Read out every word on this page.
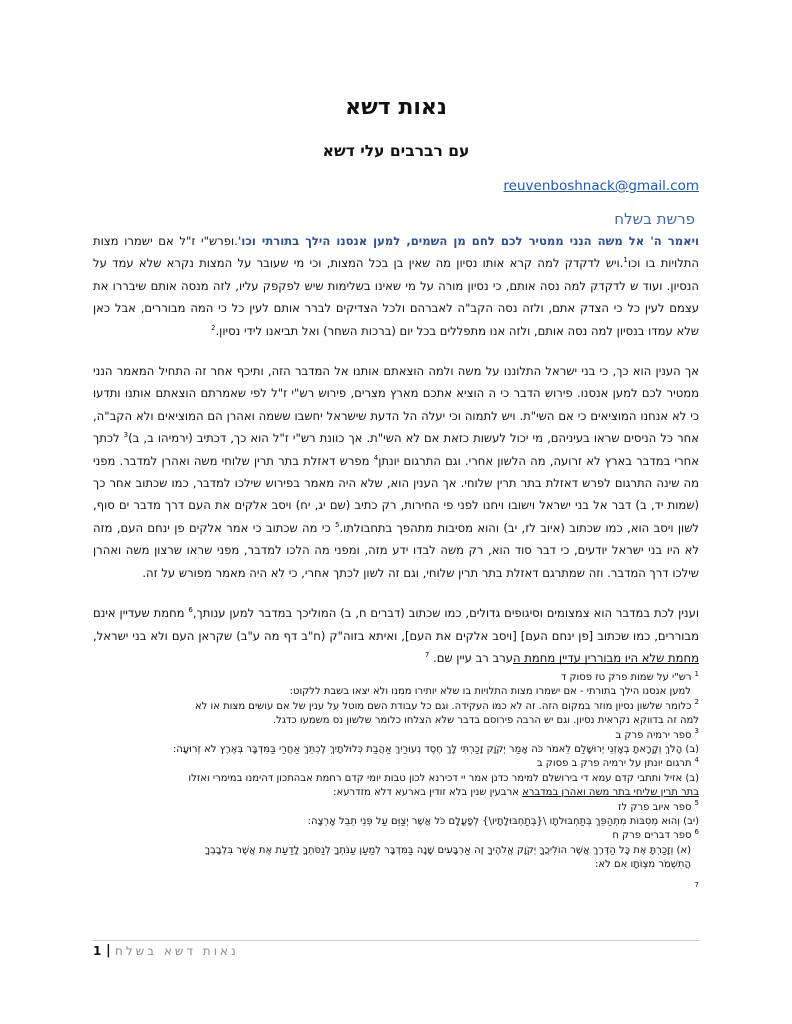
נאות דשא
עם רברבים עלי דשא
reuvenboshnack@gmail.com
פרשת בשלח

ויאמר ה' אל משה הנני ממטיר לכם לחם מן השמים, למען אנסנו הילך בתורתי וכו'.ופרש"י ז"ל אם ישמרו מצות התלויות בו וכו$^1$.ויש לדקדק למה קרא אותו נסיון מה שאין בן בכל המצות, וכי מי שעובר על המצות נקרא שלא עמד על הנסיון. ועוד ש לדקדק למה נסה אותם, כי נסיון מורה על מי שאינו בשלימות שיש לפקפק עליו, לזה מנסה אותם שיבררו את עצמם לעין כל כי הצדק אתם, ולזה נסה הקב"ה לאברהם ולכל הצדיקים לברר אותם לעין כל כי המה מבוררים, אבל כאן שלא עמדו בנסיון למה נסה אותם, ולזה אנו מתפללים בכל יום (ברכות השחר) ואל תביאנו לידי נסיון.$^2$

אך הענין הוא כך, כי בני ישראל התלוננו על משה ולמה הוצאתם אותנו אל המדבר הזה, ותיכף אחר זה התחיל המאמר הנני ממטיר לכם למען אנסנו. פירוש הדבר כי ה הוציא אתכם מארץ מצרים, פירוש רש"י ז"ל לפי שאמרתם הוצאתם אותנו ותדעו כי לא אנחנו המוציאים כי אם השי"ת. ויש לתמוה וכי יעלה הל הדעת שישראל יחשבו ששמה ואהרן הם המוציאים ולא הקב"ה, אחר כל הניסים שראו בעיניהם, מי יכול לעשות כזאת אם לא השי"ת. אך כוונת רש"י ז"ל הוא כך, דכתיב (ירמיהו ב, ב)$^3$ לכתך אחרי במדבר בארץ לא זרועה, מה הלשון אחרי. וגם התרגום יונתן$^4$ מפרש דאזלת בתר תרין שלוחי משה ואהרן למדבר. מפני מה שינה התרגום לפרש דאזלת בתר תרין שלוחי. אך הענין הוא, שלא היה מאמר בפירוש שילכו למדבר, כמו שכתוב אחר כך (שמות יד, ב) דבר אל בני ישראל וישובו ויחנו לפני פי החירות, רק כתיב (שם יג, יח) ויסב אלקים את העם דרך מדבר ים סוף, לשון ויסב הוא, כמו שכתוב (איוב לז, יב) והוא מסיבות מתהפך בתחבולתו.$^5$ כי מה שכתוב כי אמר אלקים פן ינחם העם, מזה לא היו בני ישראל יודעים, כי דבר סוד הוא, רק משה לבדו ידע מזה, ומפני מה הלכו למדבר, מפני שראו שרצון משה ואהרן שילכו דרך המדבר. וזה שמתרגם דאזלת בתר תרין שלוחי, וגם זה לשון לכתך אחרי, כי לא היה מאמר מפורש על זה.

וענין לכת במדבר הוא צמצומים וסיגופים גדולים, כמו שכתוב (דברים ח, ב) המוליכך במדבר למען ענותך,$^6$ מחמת שעדיין אינם מבוררים, כמו שכתוב [פן ינחם העם] [ויסב אלקים את העם], ואיתא בזוה"ק (ח"ב דף מה ע"ב) שקראן העם ולא בני ישראל, מחמת שלא היו מבוררין עדיין מחמת הערב רב עיין שם. $^7$

$^1$רש"י על שמות פרק טז פסוק ד

למען אנסנו הילך בתורתי - אם ישמרו מצות התלויות בו שלא יותירו ממנו ולא יצאו בשבת ללקוט:

$^2$כלומר שלשון נסיון מוזר במקום הזה. זה לא כמו העקידה. וגם כל עבודת השם מוטל על ענין של אם עושים מצות או לא

למה זה בדווקא נקראית נסיון. וגם יש הרבה פירוסם בדבר שלא הצלחו כלומר שלשון נס משמעו כדגל.

$^3$ספר ירמיה פרק ב

(ב) הָלֹךְ וְקָרָאתָ בְאָזְנֵי יְרוּשָׁלִַם לֵאמֹר כֹּה אָמַר יְקֹוָק זָכַרְתִּי לָךְ חֶסֶד נְעוּרַיִךְ אַהֲבַת כְּלוּלֹתָיִךְ לֶכְתֵּךְ אַחֲרַי בַּמִּדְבָּר בְּאֶרֶץ לֹא זְרוּעָה:

$^4$תרגום יונתן על ירמיה פרק ב פסוק ב

(ב) אזיל ותתבי קדם עמא די בירושלם למימר כדנן אמר יי דכירנא לכון טבות יומי קדם רחמת אבהתכון דהימנו במימרי ואזלו

בתר תרין שליחי בתר משה ואהרן במדברא ארבעין שנין בלא זודין בארעא דלא מזדרעא:

$^5$ספר איוב פרק לז

(יב) וְהוּא מְסִבּוֹת מִתְהַפֵּךְ בְּתַחְבּוּלֹתָו \{בְּתַחְבּוּלָתָיו\} לְפָעֳלָם כֹּל אֲשֶׁר יְצַוֵּם עַל פְּנֵי תֵבֵל אָרְצָה:

$^6$ספר דברים פרק ח

(א) וְזָכַרְתָּ אֶת כָּל הַדֶּרֶךְ אֲשֶׁר הוֹלִיכֲךָ יְקֹוָק אֱלֹהֶיךָ זֶה אַרְבָּעִים שָׁנָה בַּמִּדְבָּר לְמַעַן עַנֹּתְךָ לְנַסֹּתְךָ לָדַעַת אֶת אֲשֶׁר בִּלְבָבְךָ

הֲתִשְׁמֹר מִצְוֹתָו אִם לֹא:

$^7$

1 | נאות דשא בשלח
